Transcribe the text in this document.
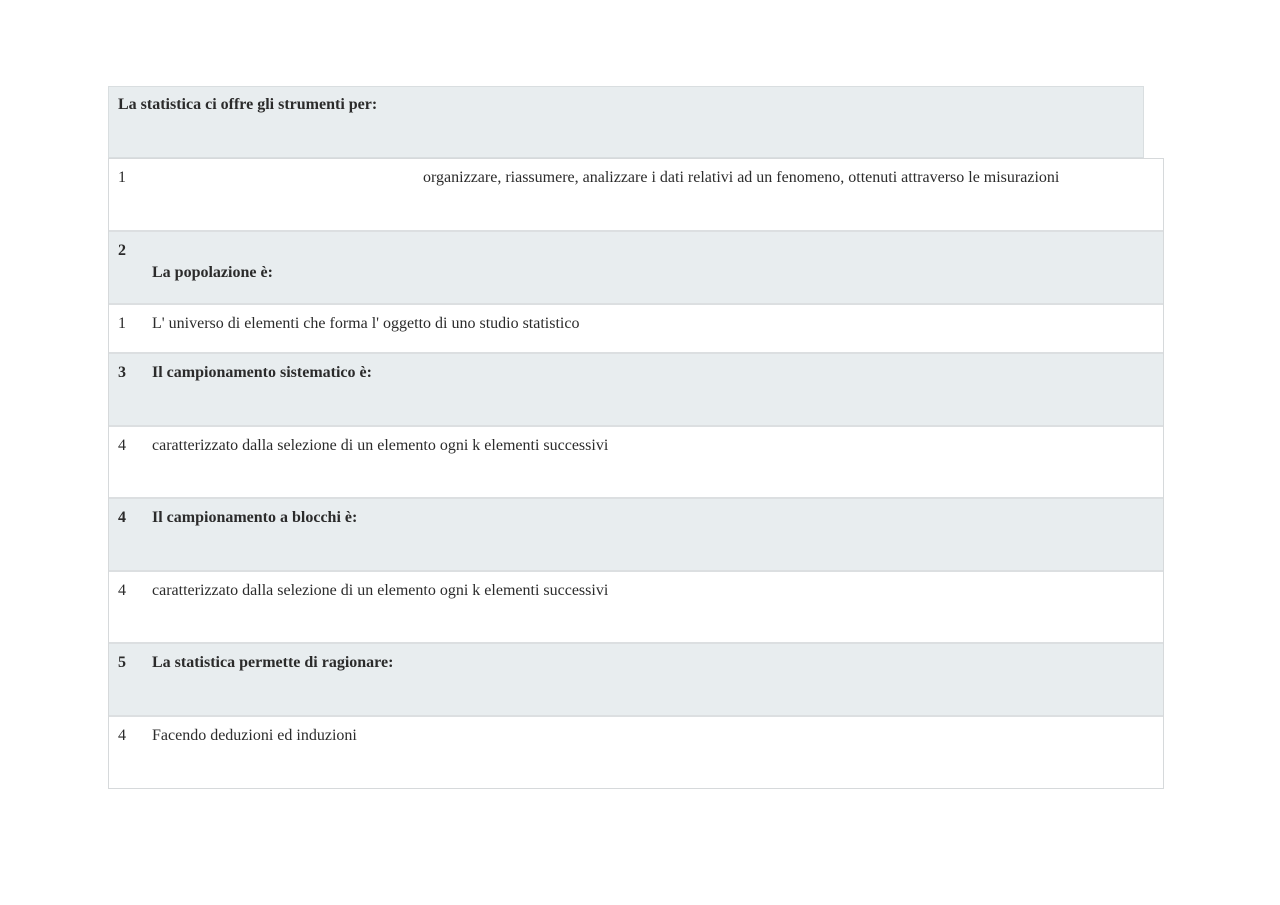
La statistica ci offre gli strumenti per:
1	organizzare, riassumere, analizzare i dati relativi ad un fenomeno, ottenuti attraverso le misurazioni
2
La popolazione è:
1 L' universo di elementi che forma l' oggetto di uno studio statistico
3 Il campionamento sistematico è:
4 caratterizzato dalla selezione di un elemento ogni k elementi successivi
4 Il campionamento a blocchi è:
4 caratterizzato dalla selezione di un elemento ogni k elementi successivi
5 La statistica permette di ragionare:
4 Facendo deduzioni ed induzioni
